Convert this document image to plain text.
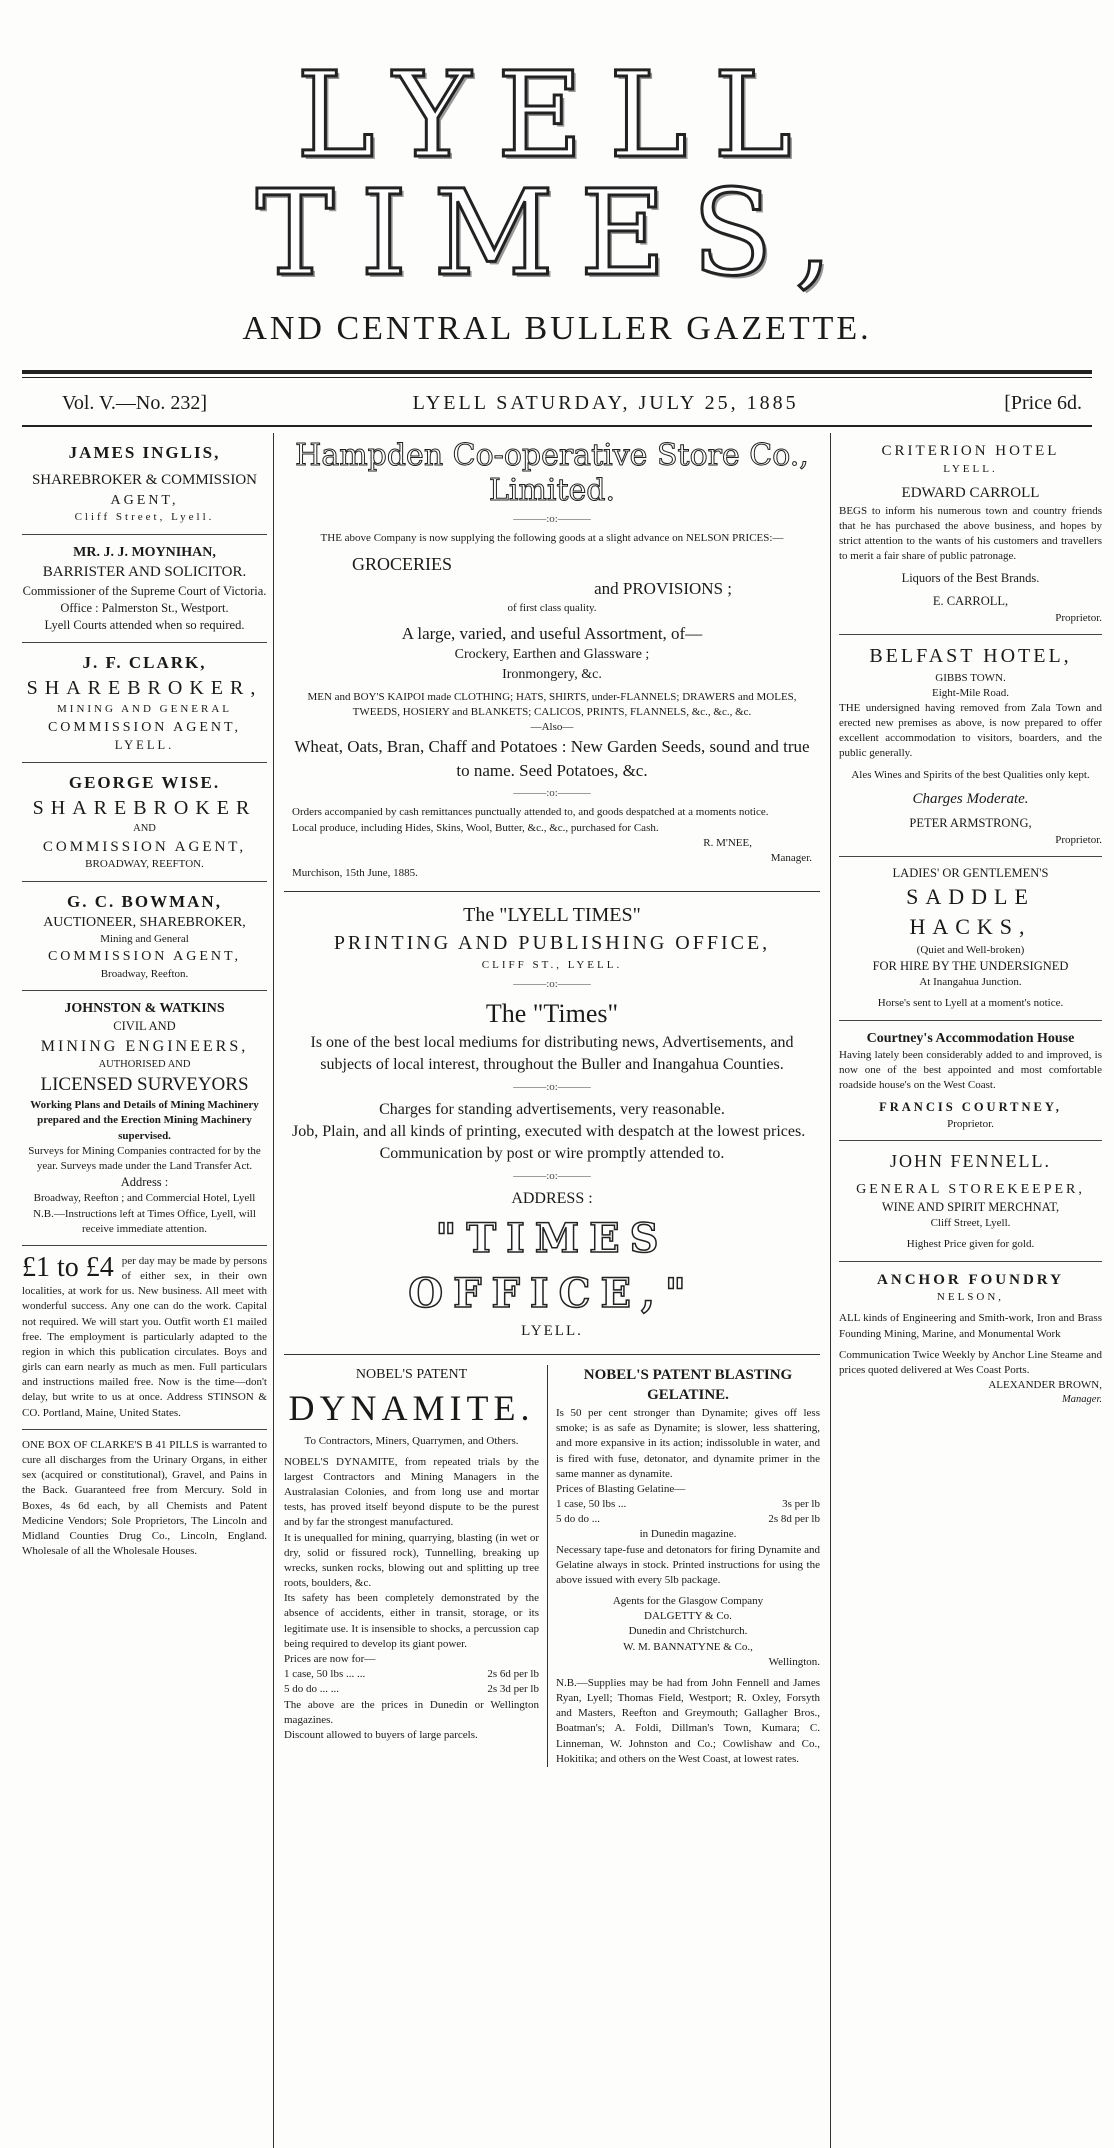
LYELL TIMES,
AND CENTRAL BULLER GAZETTE.
Vol. V.—No. 232]	LYELL SATURDAY, JULY 25, 1885	[Price 6d.
JAMES INGLIS,
SHAREBROKER & COMMISSION
AGENT,
Cliff Street, Lyell.
MR. J. J. MOYNIHAN,
BARRISTER AND SOLICITOR.
Commissioner of the Supreme Court of Victoria.
Office : Palmerston St., Westport.
Lyell Courts attended when so required.
J. F. CLARK,
SHAREBROKER,
MINING AND GENERAL
COMMISSION AGENT,
LYELL.
GEORGE WISE.
SHAREBROKER
AND
COMMISSION AGENT,
BROADWAY, REEFTON.
G. C. BOWMAN,
AUCTIONEER, SHAREBROKER,
Mining and General
COMMISSION AGENT,
Broadway, Reefton.
JOHNSTON & WATKINS
CIVIL AND
MINING ENGINEERS,
AUTHORISED AND
LICENSED SURVEYORS
Working Plans and Details of Mining Machinery prepared and the Erection Mining Machinery supervised.
Surveys for Mining Companies contracted for by the year. Surveys made under the Land Transfer Act.
Address :
Broadway, Reefton ; and Commercial Hotel, Lyell
N.B.—Instructions left at Times Office, Lyell, will receive immediate attention.
£1 to £4 per day may be made by persons of either sex, in their own localities, at work for us. New business. All meet with wonderful success. Any one can do the work. Capital not required. We will start you. Outfit worth £1 mailed free. The employment is particularly adapted to the region in which this publication circulates. Boys and girls can earn nearly as much as men. Full particulars and instructions mailed free. Now is the time—don't delay, but write to us at once. Address STINSON & CO. Portland, Maine, United States.
ONE BOX OF CLARKE'S B 41 PILLS is warranted to cure all discharges from the Urinary Organs, in either sex (acquired or constitutional), Gravel, and Pains in the Back. Guaranteed free from Mercury. Sold in Boxes, 4s 6d each, by all Chemists and Patent Medicine Vendors; Sole Proprietors, The Lincoln and Midland Counties Drug Co., Lincoln, England. Wholesale of all the Wholesale Houses.
Hampden Co-operative Store Co.,
Limited.
———:o:———
THE above Company is now supplying the following goods at a slight advance on NELSON PRICES:—
GROCERIES
and PROVISIONS ;
of first class quality.
A large, varied, and useful Assortment, of—
Crockery, Earthen and Glassware ;
Ironmongery, &c.
MEN and BOY'S KAIPOI made CLOTHING; HATS, SHIRTS, under-FLANNELS; DRAWERS and MOLES, TWEEDS, HOSIERY and BLANKETS; CALICOS, PRINTS, FLANNELS, &c., &c., &c.
—Also—
Wheat, Oats, Bran, Chaff and Potatoes : New Garden Seeds, sound and true to name. Seed Potatoes, &c.
———:o:———
Orders accompanied by cash remittances punctually attended to, and goods despatched at a moments notice.
Local produce, including Hides, Skins, Wool, Butter, &c., &c., purchased for Cash.
R. M'NEE,
Manager.
Murchison, 15th June, 1885.
The "LYELL TIMES"
PRINTING AND PUBLISHING OFFICE,
CLIFF ST., LYELL.
———:o:———
The "Times"
Is one of the best local mediums for distributing news, Advertisements, and subjects of local interest, throughout the Buller and Inangahua Counties.
———:o:———
Charges for standing advertisements, very reasonable.
Job, Plain, and all kinds of printing, executed with despatch at the lowest prices.
Communication by post or wire promptly attended to.
———:o:———
ADDRESS :
"TIMES OFFICE,"
LYELL.
NOBEL'S PATENT
DYNAMITE.
To Contractors, Miners, Quarrymen, and Others.
NOBEL'S DYNAMITE, from repeated trials by the largest Contractors and Mining Managers in the Australasian Colonies, and from long use and mortar tests, has proved itself beyond dispute to be the purest and by far the strongest manufactured.
It is unequalled for mining, quarrying, blasting (in wet or dry, solid or fissured rock), Tunnelling, breaking up wrecks, sunken rocks, blowing out and splitting up tree roots, boulders, &c.
Its safety has been completely demonstrated by the absence of accidents, either in transit, storage, or its legitimate use. It is insensible to shocks, a percussion cap being required to develop its giant power.
Prices are now for—
1 case, 50 lbs ... ...	2s 6d per lb
5 do do ... ...	2s 3d per lb
The above are the prices in Dunedin or Wellington magazines.
Discount allowed to buyers of large parcels.
NOBEL'S PATENT BLASTING GELATINE.
Is 50 per cent stronger than Dynamite; gives off less smoke; is as safe as Dynamite; is slower, less shattering, and more expansive in its action; indissoluble in water, and is fired with fuse, detonator, and dynamite primer in the same manner as dynamite.
Prices of Blasting Gelatine—
1 case, 50 lbs ...	3s per lb
5 do do ...	2s 8d per lb
in Dunedin magazine.
Necessary tape-fuse and detonators for firing Dynamite and Gelatine always in stock. Printed instructions for using the above issued with every 5lb package.
Agents for the Glasgow Company
DALGETTY & Co.
Dunedin and Christchurch.
W. M. BANNATYNE & Co.,
Wellington.
N.B.—Supplies may be had from John Fennell and James Ryan, Lyell; Thomas Field, Westport; R. Oxley, Forsyth and Masters, Reefton and Greymouth; Gallagher Bros., Boatman's; A. Foldi, Dillman's Town, Kumara; C. Linneman, W. Johnston and Co.; Cowlishaw and Co., Hokitika; and others on the West Coast, at lowest rates.
CRITERION HOTEL
LYELL.
EDWARD CARROLL
BEGS to inform his numerous town and country friends that he has purchased the above business, and hopes by strict attention to the wants of his customers and travellers to merit a fair share of public patronage.
Liquors of the Best Brands.
E. CARROLL,
Proprietor.
BELFAST HOTEL,
GIBBS TOWN.
Eight-Mile Road.
THE undersigned having removed from Zala Town and erected new premises as above, is now prepared to offer excellent accommodation to visitors, boarders, and the public generally.
Ales Wines and Spirits of the best Qualities only kept.
Charges Moderate.
PETER ARMSTRONG,
Proprietor.
LADIES' OR GENTLEMEN'S
SADDLE HACKS,
(Quiet and Well-broken)
FOR HIRE BY THE UNDERSIGNED
At Inangahua Junction.
Horse's sent to Lyell at a moment's notice.
Courtney's Accommodation House
Having lately been considerably added to and improved, is now one of the best appointed and most comfortable roadside house's on the West Coast.
FRANCIS COURTNEY,
Proprietor.
JOHN FENNELL.
GENERAL STOREKEEPER,
WINE AND SPIRIT MERCHNAT,
Cliff Street, Lyell.
Highest Price given for gold.
ANCHOR FOUNDRY
NELSON,
ALL kinds of Engineering and Smith-work, Iron and Brass Founding Mining, Marine, and Monumental Work
Communication Twice Weekly by Anchor Line Steame and prices quoted delivered at Wes Coast Ports.
ALEXANDER BROWN,
Manager.
